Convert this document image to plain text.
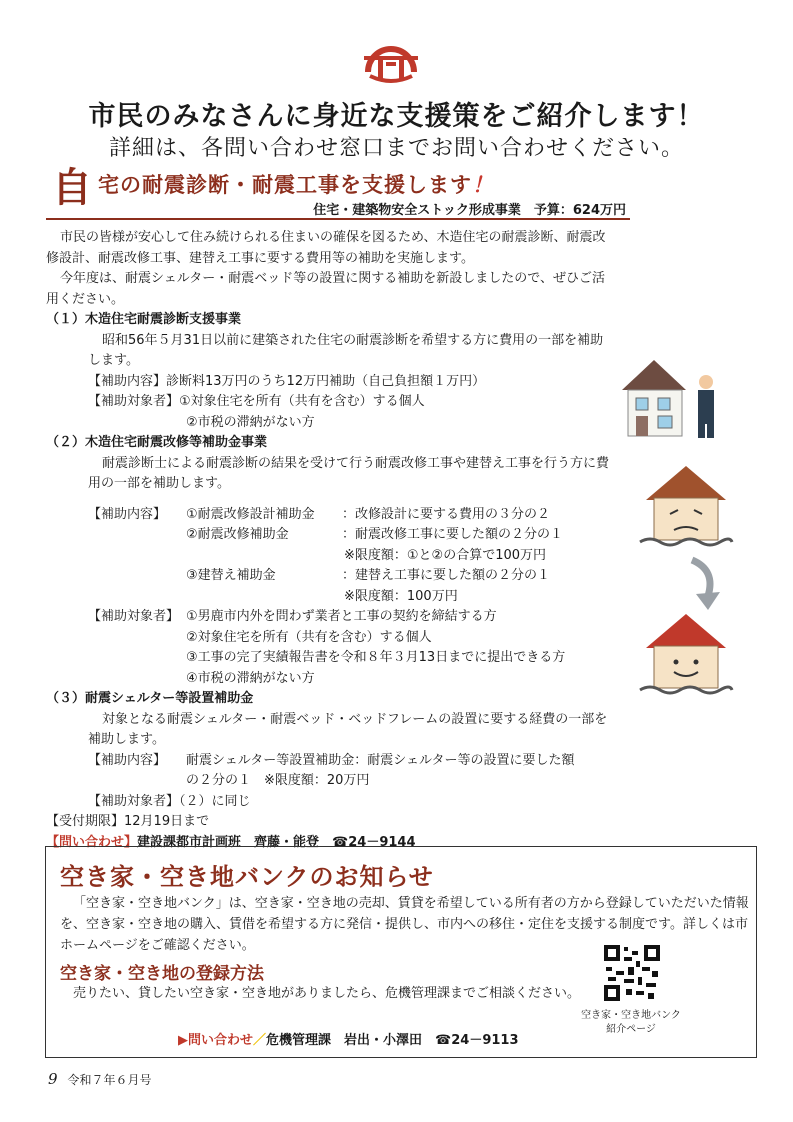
市民のみなさんに身近な支援策をご紹介します！
詳細は、各問い合わせ窓口までお問い合わせください。
自 宅の耐震診断・耐震工事を支援します！
住宅・建築物安全ストック形成事業　予算：624万円
市民の皆様が安心して住み続けられる住まいの確保を図るため、木造住宅の耐震診断、耐震改修設計、耐震改修工事、建替え工事に要する費用等の補助を実施します。
今年度は、耐震シェルター・耐震ベッド等の設置に関する補助を新設しましたので、ぜひご活用ください。
（１）木造住宅耐震診断支援事業
昭和56年５月31日以前に建築された住宅の耐震診断を希望する方に費用の一部を補助します。
【補助内容】診断料13万円のうち12万円補助（自己負担額１万円）
【補助対象者】①対象住宅を所有（共有を含む）する個人
②市税の滞納がない方
（２）木造住宅耐震改修等補助金事業
耐震診断士による耐震診断の結果を受けて行う耐震改修工事や建替え工事を行う方に費用の一部を補助します。
【補助内容】	①耐震改修設計補助金	：改修設計に要する費用の３分の２
②耐震改修補助金	：耐震改修工事に要した額の２分の１
※限度額：①と②の合算で100万円
③建替え補助金	：建替え工事に要した額の２分の１
※限度額：100万円
【補助対象者】 ①男鹿市内外を問わず業者と工事の契約を締結する方
②対象住宅を所有（共有を含む）する個人
③工事の完了実績報告書を令和８年３月13日までに提出できる方
④市税の滞納がない方
（３）耐震シェルター等設置補助金
対象となる耐震シェルター・耐震ベッド・ベッドフレームの設置に要する経費の一部を補助します。
【補助内容】	耐震シェルター等設置補助金：耐震シェルター等の設置に要した額
の２分の１　※限度額：20万円
【補助対象者】（２）に同じ
【受付期限】12月19日まで
【問い合わせ】建設課都市計画班　齊藤・能登　 ☎24－9144
空き家・空き地バンクのお知らせ
「空き家・空き地バンク」は、空き家・空き地の売却、賃貸を希望している所有者の方から登録していただいた情報を、空き家・空き地の購入、賃借を希望する方に発信・提供し、市内への移住・定住を支援する制度です。詳しくは市ホームページをご確認ください。
空き家・空き地の登録方法
売りたい、貸したい空き家・空き地がありましたら、危機管理課までご相談ください。
空き家・空き地バンク
紹介ページ
▶問い合わせ／危機管理課　岩出・小澤田　 ☎24－9113
9 令和７年６月号
